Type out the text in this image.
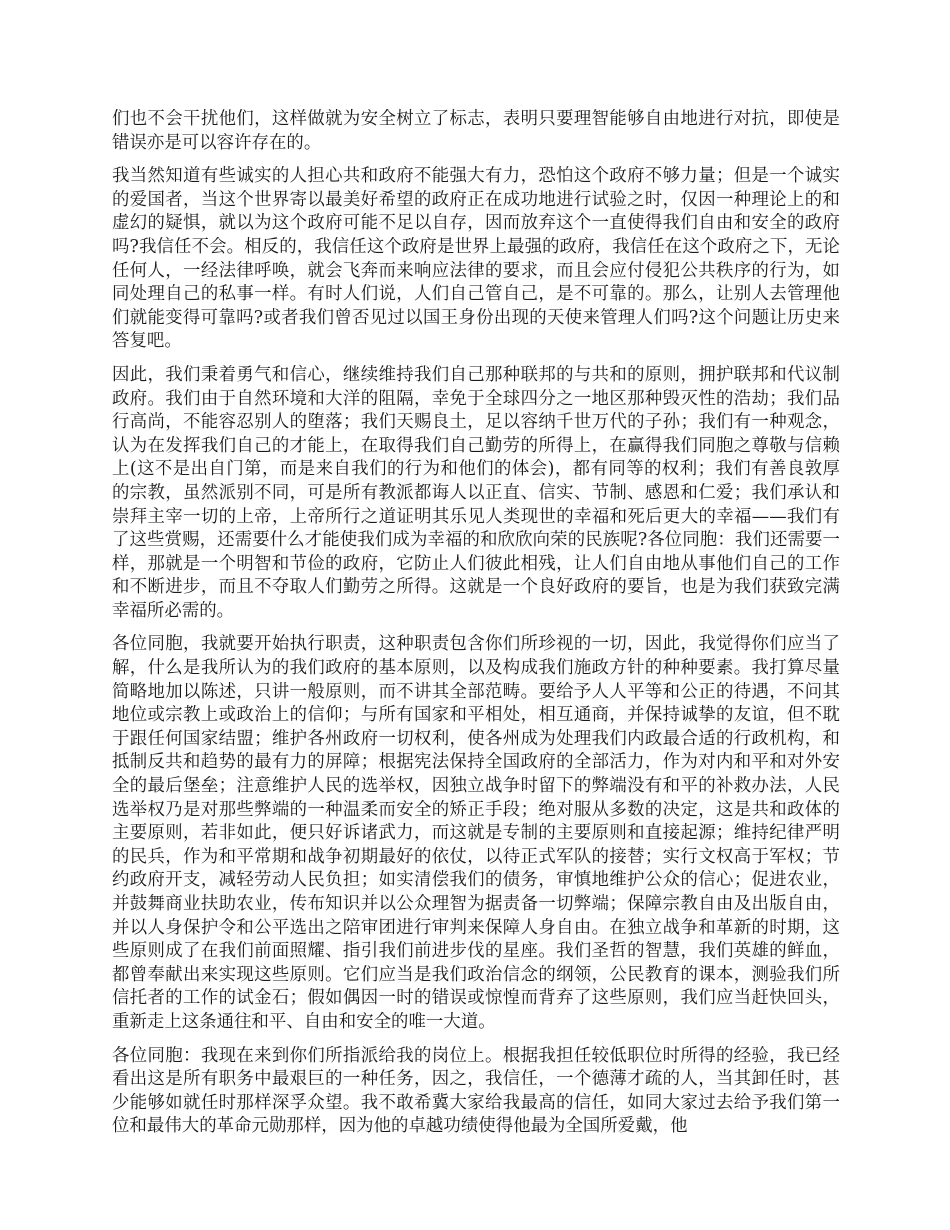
们也不会干扰他们，这样做就为安全树立了标志，表明只要理智能够自由地进行对抗，即使是错误亦是可以容许存在的。

我当然知道有些诚实的人担心共和政府不能强大有力，恐怕这个政府不够力量；但是一个诚实的爱国者，当这个世界寄以最美好希望的政府正在成功地进行试验之时，仅因一种理论上的和虚幻的疑惧，就以为这个政府可能不足以自存，因而放弃这个一直使得我们自由和安全的政府吗?我信任不会。相反的，我信任这个政府是世界上最强的政府，我信任在这个政府之下，无论任何人，一经法律呼唤，就会飞奔而来响应法律的要求，而且会应付侵犯公共秩序的行为，如同处理自己的私事一样。有时人们说，人们自己管自己，是不可靠的。那么，让别人去管理他们就能变得可靠吗?或者我们曾否见过以国王身份出现的天使来管理人们吗?这个问题让历史来答复吧。

因此，我们秉着勇气和信心，继续维持我们自己那种联邦的与共和的原则，拥护联邦和代议制政府。我们由于自然环境和大洋的阻隔，幸免于全球四分之一地区那种毁灭性的浩劫；我们品行高尚，不能容忍别人的堕落；我们天赐良土，足以容纳千世万代的子孙；我们有一种观念，认为在发挥我们自己的才能上，在取得我们自己勤劳的所得上，在赢得我们同胞之尊敬与信赖上(这不是出自门第，而是来自我们的行为和他们的体会)，都有同等的权利；我们有善良敦厚的宗教，虽然派别不同，可是所有教派都诲人以正直、信实、节制、感恩和仁爱；我们承认和崇拜主宰一切的上帝，上帝所行之道证明其乐见人类现世的幸福和死后更大的幸福——我们有了这些赏赐，还需要什么才能使我们成为幸福的和欣欣向荣的民族呢?各位同胞：我们还需要一样，那就是一个明智和节俭的政府，它防止人们彼此相残，让人们自由地从事他们自己的工作和不断进步，而且不夺取人们勤劳之所得。这就是一个良好政府的要旨，也是为我们获致完满幸福所必需的。

各位同胞，我就要开始执行职责，这种职责包含你们所珍视的一切，因此，我觉得你们应当了解，什么是我所认为的我们政府的基本原则，以及构成我们施政方针的种种要素。我打算尽量简略地加以陈述，只讲一般原则，而不讲其全部范畴。要给予人人平等和公正的待遇，不问其地位或宗教上或政治上的信仰；与所有国家和平相处，相互通商，并保持诚挚的友谊，但不耽于跟任何国家结盟；维护各州政府一切权利，使各州成为处理我们内政最合适的行政机构，和抵制反共和趋势的最有力的屏障；根据宪法保持全国政府的全部活力，作为对内和平和对外安全的最后堡垒；注意维护人民的选举权，因独立战争时留下的弊端没有和平的补救办法，人民选举权乃是对那些弊端的一种温柔而安全的矫正手段；绝对服从多数的决定，这是共和政体的主要原则，若非如此，便只好诉诸武力，而这就是专制的主要原则和直接起源；维持纪律严明的民兵，作为和平常期和战争初期最好的依仗，以待正式军队的接替；实行文权高于军权；节约政府开支，减轻劳动人民负担；如实清偿我们的债务，审慎地维护公众的信心；促进农业，并鼓舞商业扶助农业，传布知识并以公众理智为据责备一切弊端；保障宗教自由及出版自由，并以人身保护令和公平选出之陪审团进行审判来保障人身自由。在独立战争和革新的时期，这些原则成了在我们前面照耀、指引我们前进步伐的星座。我们圣哲的智慧，我们英雄的鲜血，都曾奉献出来实现这些原则。它们应当是我们政治信念的纲领，公民教育的课本，测验我们所信托者的工作的试金石；假如偶因一时的错误或惊惶而背弃了这些原则，我们应当赶快回头，重新走上这条通往和平、自由和安全的唯一大道。

各位同胞：我现在来到你们所指派给我的岗位上。根据我担任较低职位时所得的经验，我已经看出这是所有职务中最艰巨的一种任务，因之，我信任，一个德薄才疏的人，当其卸任时，甚少能够如就任时那样深孚众望。我不敢希冀大家给我最高的信任，如同大家过去给予我们第一位和最伟大的革命元勋那样，因为他的卓越功绩使得他最为全国所爱戴，他
